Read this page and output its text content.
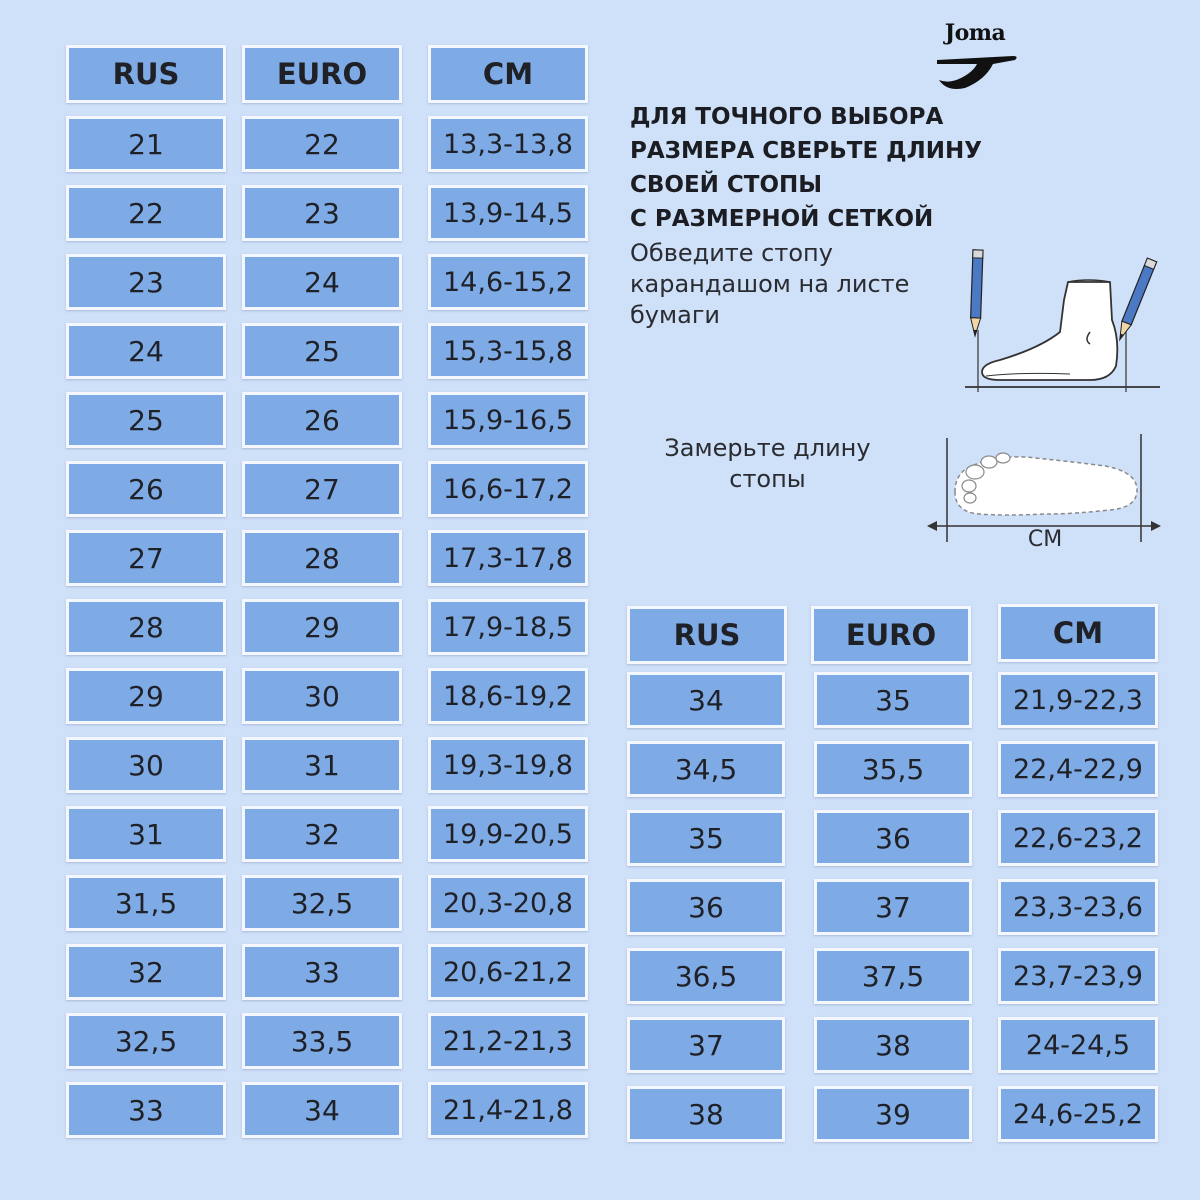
Joma
ДЛЯ ТОЧНОГО ВЫБОРА
РАЗМЕРА СВЕРЬТЕ ДЛИНУ
СВОЕЙ СТОПЫ
С РАЗМЕРНОЙ СЕТКОЙ
Обведите стопу
карандашом на листе
бумаги
Замерьте длину
стопы
CM
RUS	EURO	CM
21	22	13,3-13,8
22	23	13,9-14,5
23	24	14,6-15,2
24	25	15,3-15,8
25	26	15,9-16,5
26	27	16,6-17,2
27	28	17,3-17,8
28	29	17,9-18,5
29	30	18,6-19,2
30	31	19,3-19,8
31	32	19,9-20,5
31,5	32,5	20,3-20,8
32	33	20,6-21,2
32,5	33,5	21,2-21,3
33	34	21,4-21,8
RUS	EURO	CM
34	35	21,9-22,3
34,5	35,5	22,4-22,9
35	36	22,6-23,2
36	37	23,3-23,6
36,5	37,5	23,7-23,9
37	38	24-24,5
38	39	24,6-25,2
